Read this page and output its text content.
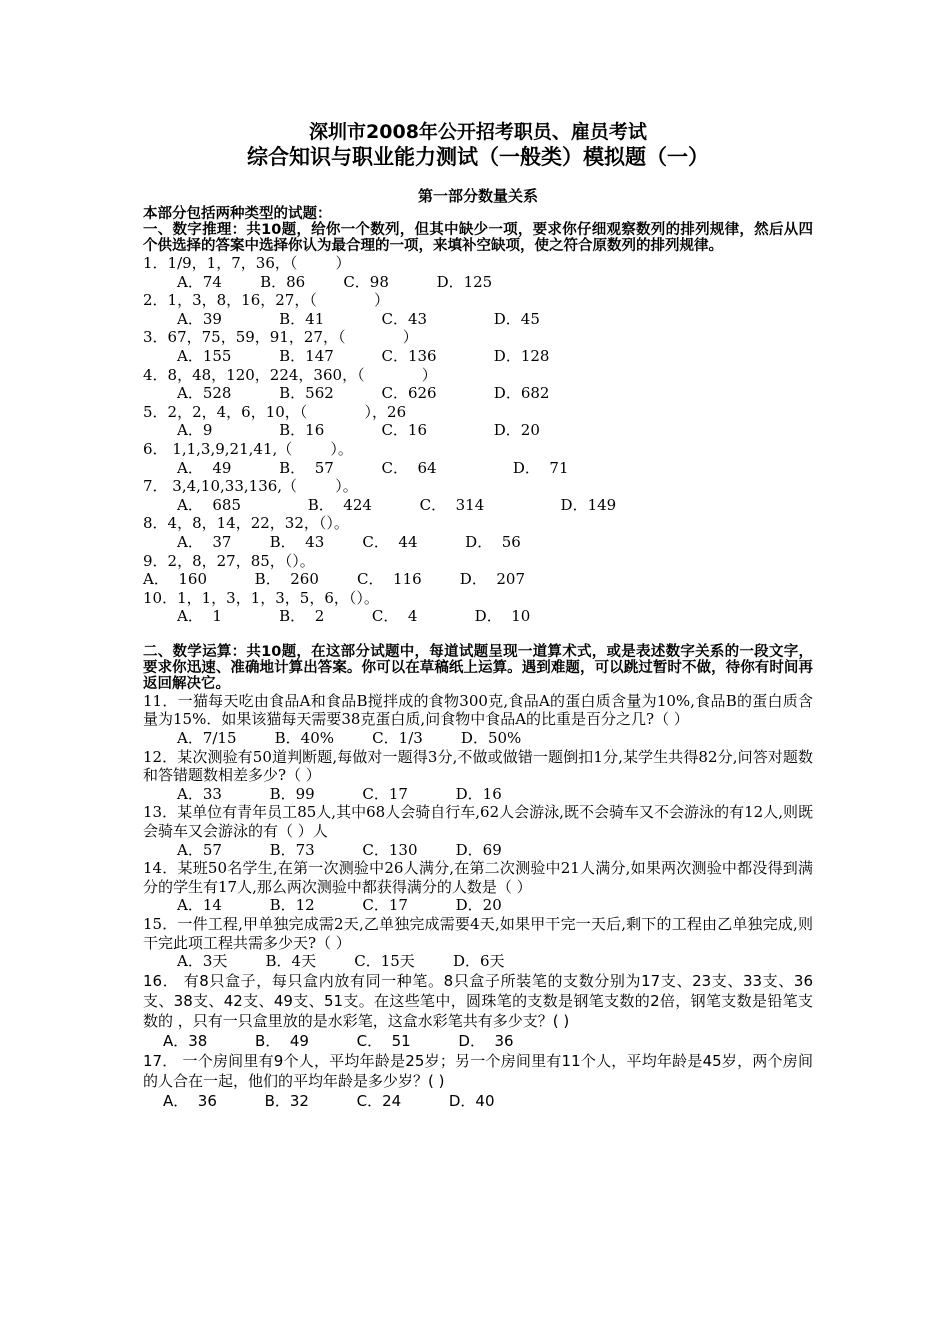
深圳市2008年公开招考职员、雇员考试
综合知识与职业能力测试（一般类）模拟题（一）
第一部分数量关系
本部分包括两种类型的试题：
一、数字推理：共10题，给你一个数列，但其中缺少一项，要求你仔细观察数列的排列规律，然后从四个供选择的答案中选择你认为最合理的一项，来填补空缺项，使之符合原数列的排列规律。
1．1/9，1，7，36，（        ）
A．74        B．86        C．98          D．125
2．1，3，8，16，27，（            ）
A．39            B．41            C．43              D．45
3．67，75，59，91，27，（            ）
A．155          B．147          C．136            D．128
4．8，48，120，224，360，（            ）
A．528          B．562          C．626            D．682
5．2，2，4，6，10，（            ），26
A．9              B．16            C．16              D．20
6． 1,1,3,9,21,41,（        ）。
A．  49          B．  57          C．  64                D．  71
7． 3,4,10,33,136,（        ）。
A．  685              B．  424          C．  314                D．149
8．4，8，14，22，32，（）。
A．  37        B．  43        C．  44          D．  56
9．2，8，27，85，（）。
A．  160          B．  260        C．  116        D．  207
10．1，1，3，1，3，5，6，（）。
A．  1            B．  2          C．  4            D．  10
二、数学运算：共10题，在这部分试题中，每道试题呈现一道算术式，或是表述数字关系的一段文字，要求你迅速、准确地计算出答案。你可以在草稿纸上运算。遇到难题，可以跳过暂时不做，待你有时间再返回解决它。
11．一猫每天吃由食品A和食品B搅拌成的食物300克,食品A的蛋白质含量为10%,食品B的蛋白质含量为15%．如果该猫每天需要38克蛋白质,问食物中食品A的比重是百分之几?（ ）
A．7/15        B．40%        C．1/3        D．50%
12．某次测验有50道判断题,每做对一题得3分,不做或做错一题倒扣1分,某学生共得82分,问答对题数和答错题数相差多少?（ ）
A．33          B．99          C．17          D．16
13．某单位有青年员工85人,其中68人会骑自行车,62人会游泳,既不会骑车又不会游泳的有12人,则既会骑车又会游泳的有（ ）人
A．57          B．73          C．130        D．69
14．某班50名学生,在第一次测验中26人满分,在第二次测验中21人满分,如果两次测验中都没得到满分的学生有17人,那么两次测验中都获得满分的人数是（ ）
A．14          B．12          C．17          D．20
15．一件工程,甲单独完成需2天,乙单独完成需要4天,如果甲干完一天后,剩下的工程由乙单独完成,则干完此项工程共需多少天?（ ）
A．3天        B．4天        C．15天        D．6天
16． 有8只盒子，每只盒内放有同一种笔。8只盒子所装笔的支数分别为17支、23支、33支、36支、38支、42支、49支、51支。在这些笔中，圆珠笔的支数是钢笔支数的2倍，钢笔支数是铅笔支数的 ，只有一只盒里放的是水彩笔，这盒水彩笔共有多少支？( )
A．38          B．  49          C．  51          D．  36
17． 一个房间里有9个人，平均年龄是25岁；另一个房间里有11个人，平均年龄是45岁，两个房间的人合在一起，他们的平均年龄是多少岁？( )
A．  36          B．32          C．24          D．40
